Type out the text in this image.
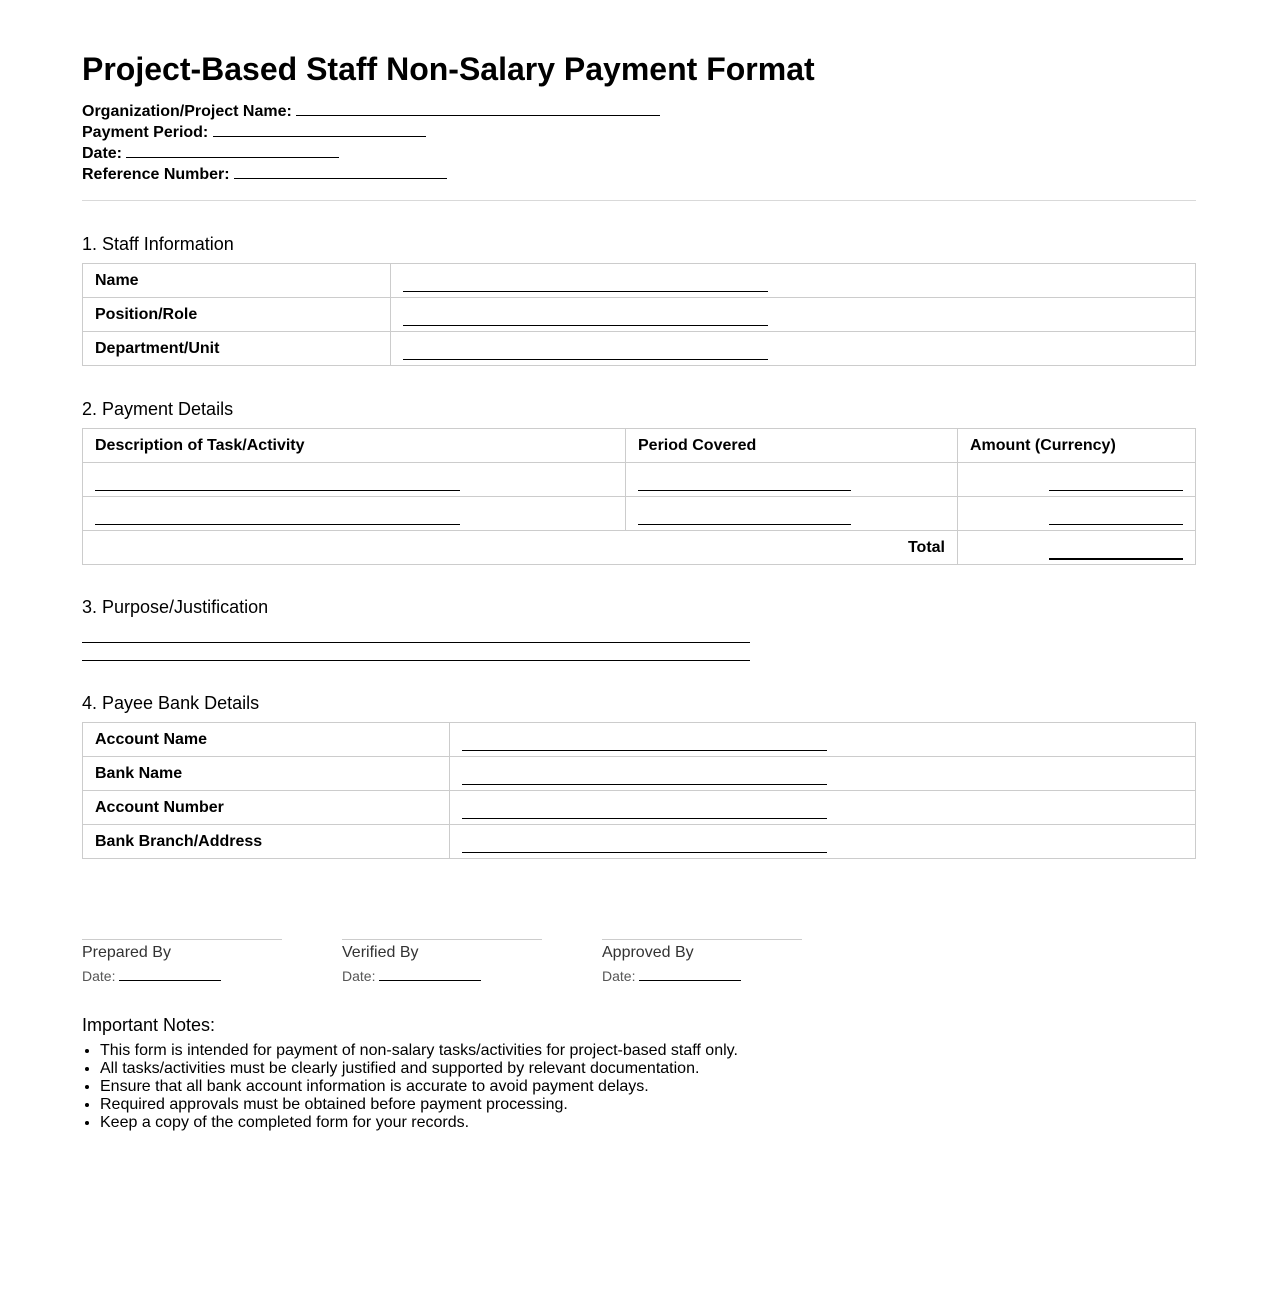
Project-Based Staff Non-Salary Payment Format
Organization/Project Name:
Payment Period:
Date:
Reference Number:
1. Staff Information
Name	

Position/Role	

Department/Unit	
2. Payment Details
Description of Task/Activity	Period Covered	Amount (Currency)

Total		
3. Purpose/Justification
4. Payee Bank Details
Account Name	

Bank Name	

Account Number	

Bank Branch/Address	
Prepared By
Date:
Verified By
Date:
Approved By
Date:
Important Notes:
• This form is intended for payment of non-salary tasks/activities for project-based staff only.
• All tasks/activities must be clearly justified and supported by relevant documentation.
• Ensure that all bank account information is accurate to avoid payment delays.
• Required approvals must be obtained before payment processing.
• Keep a copy of the completed form for your records.
